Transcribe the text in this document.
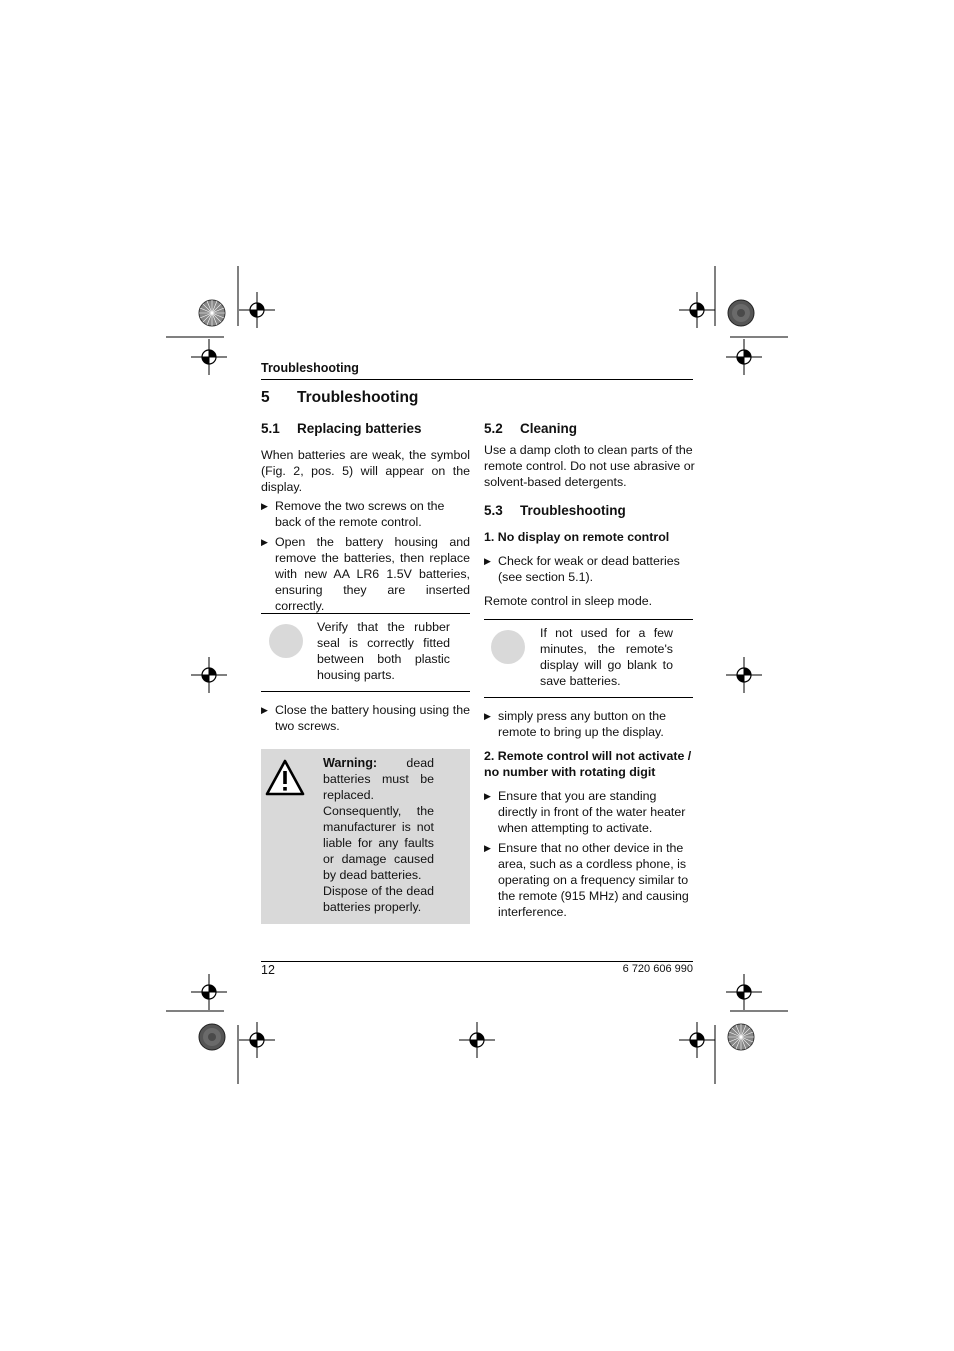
Troubleshooting
5 Troubleshooting
5.1 Replacing batteries
When batteries are weak, the symbol (Fig. 2, pos. 5) will appear on the display.
▶ Remove the two screws on the back of the remote control.
▶ Open the battery housing and remove the batteries, then replace with new AA LR6 1.5V batteries, ensuring they are inserted correctly.
Verify that the rubber seal is correctly fitted between both plastic housing parts.
▶ Close the battery housing using the two screws.
Warning: dead batteries must be replaced. Consequently, the manufacturer is not liable for any faults or damage caused by dead batteries.
Dispose of the dead batteries properly.
5.2 Cleaning
Use a damp cloth to clean parts of the remote control. Do not use abrasive or solvent-based detergents.
5.3 Troubleshooting
1. No display on remote control
▶ Check for weak or dead batteries (see section 5.1).
Remote control in sleep mode.
If not used for a few minutes, the remote's display will go blank to save batteries.
▶ simply press any button on the remote to bring up the display.
2. Remote control will not activate / no number with rotating digit
▶ Ensure that you are standing directly in front of the water heater when attempting to activate.
▶ Ensure that no other device in the area, such as a cordless phone, is operating on a frequency similar to the remote (915 MHz) and causing interference.
12	6 720 606 990
